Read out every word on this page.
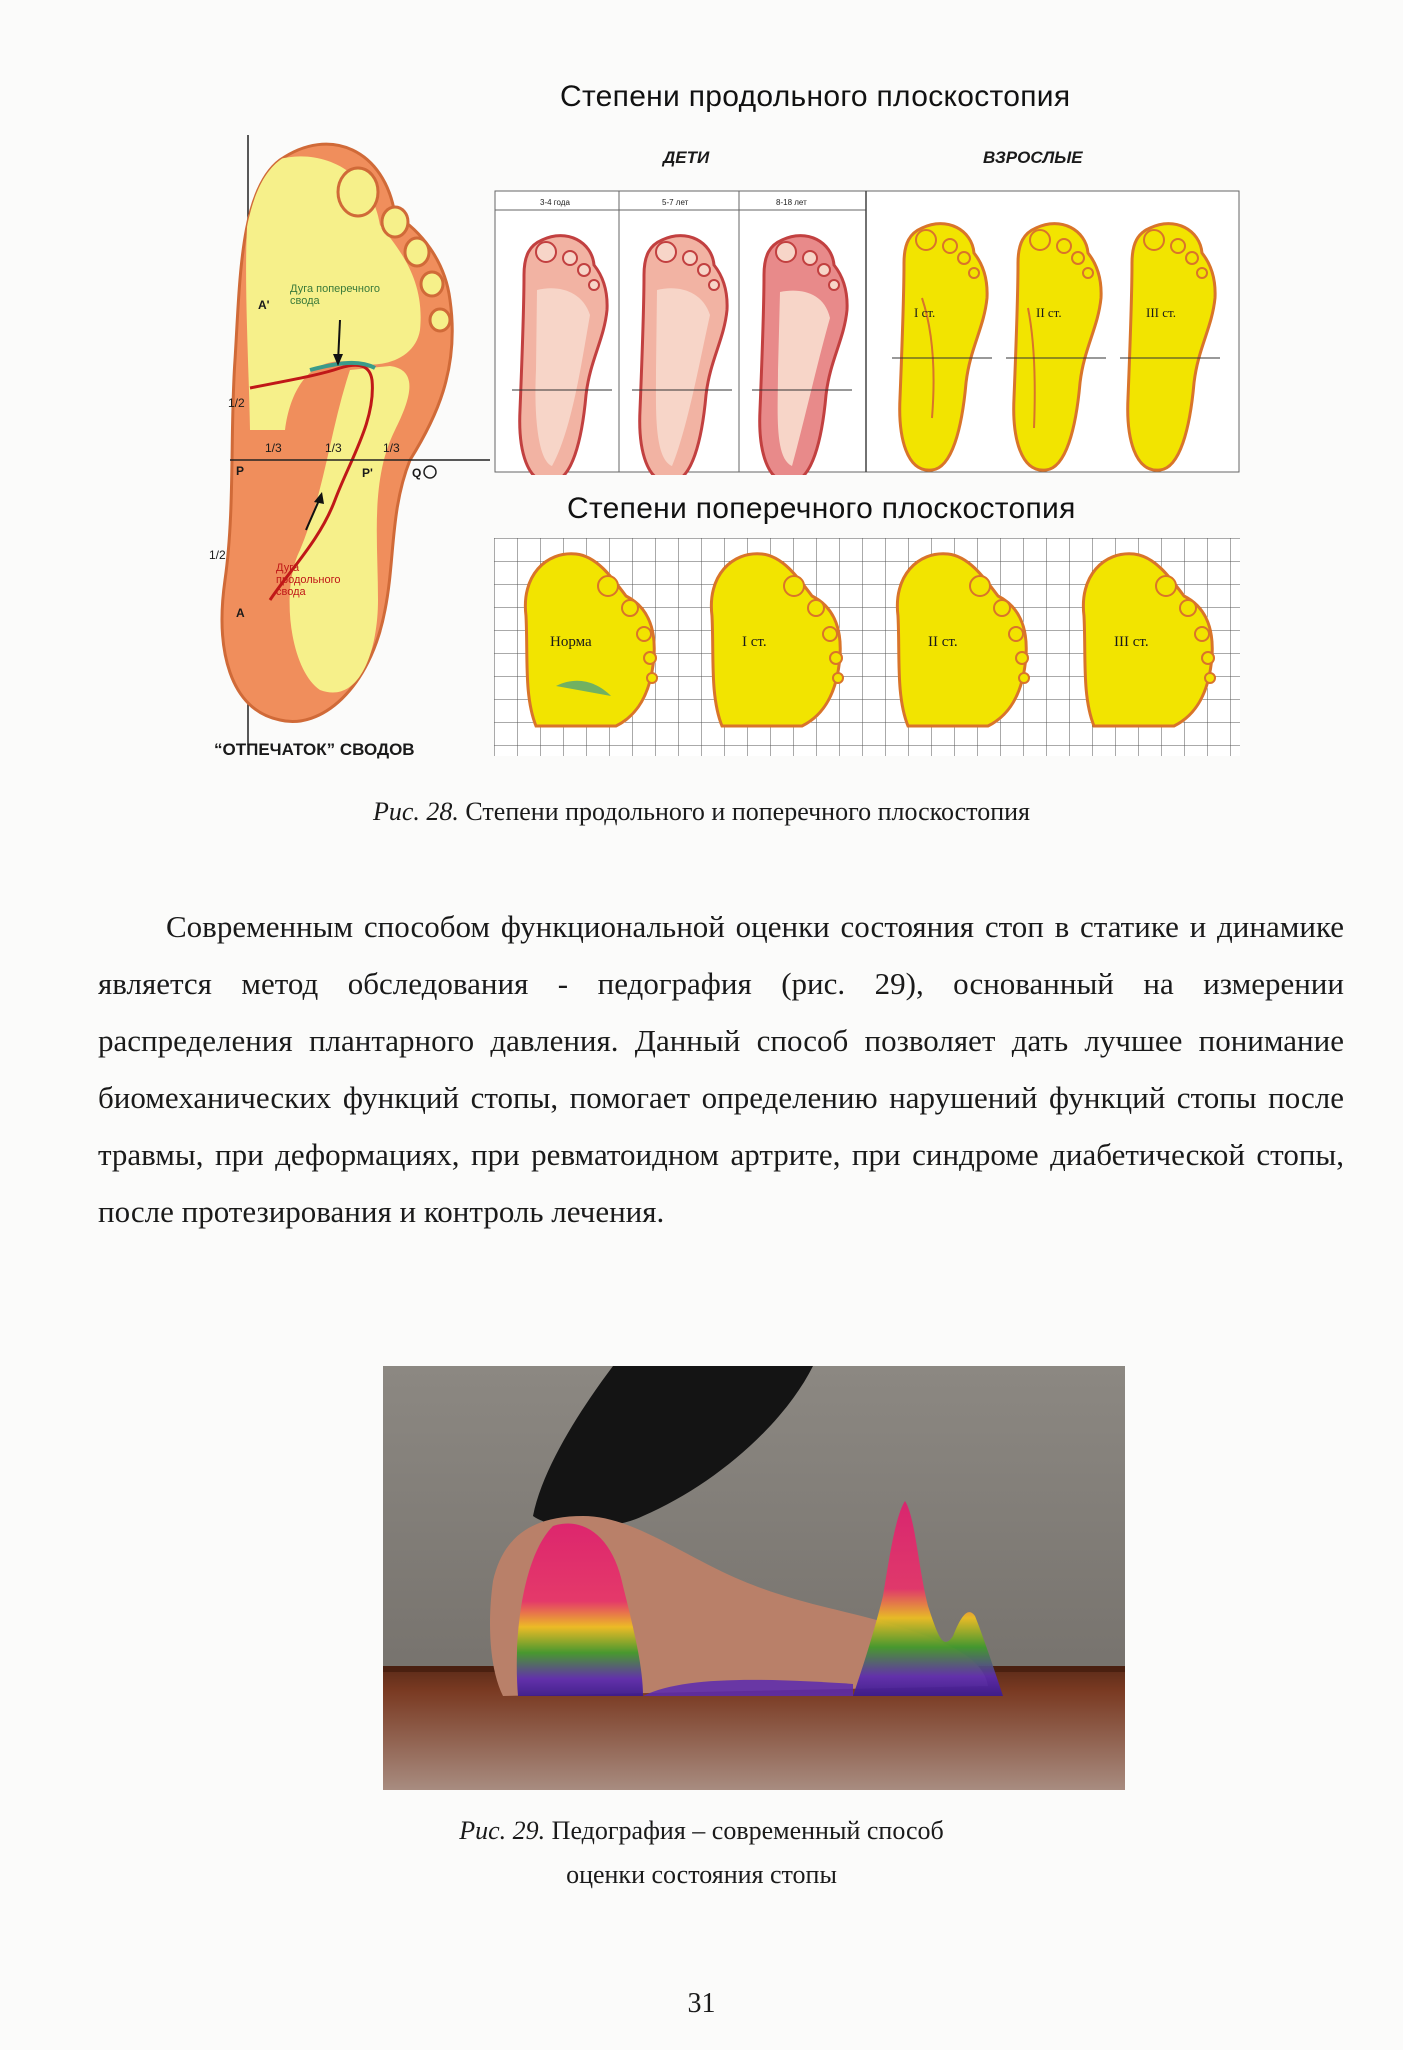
Степени продольного плоскостопия
ДЕТИ	ВЗРОСЛЫЕ
Дуга поперечного свода
Дуга продольного свода
1/2
1/2
1/3	1/3	1/3
A'
A
P	P'	Q
“ОТПЕЧАТОК” СВОДОВ
3-4 года	5-7 лет	8-18 лет
I ст.	II ст.	III ст.
Степени поперечного плоскостопия
Норма	I ст.	II ст.	III ст.
Рис. 28. Степени продольного и поперечного плоскостопия

Современным способом функциональной оценки состояния стоп в статике и динамике является метод обследования - педография (рис. 29), основанный на измерении распределения плантарного давления. Данный способ позволяет дать лучшее понимание биомеханических функций стопы, помогает определению нарушений функций стопы после травмы, при деформациях, при ревматоидном артрите, при синдроме диабетической стопы, после протезирования и контроль лечения.

Рис. 29. Педография – современный способ
оценки состояния стопы
31
